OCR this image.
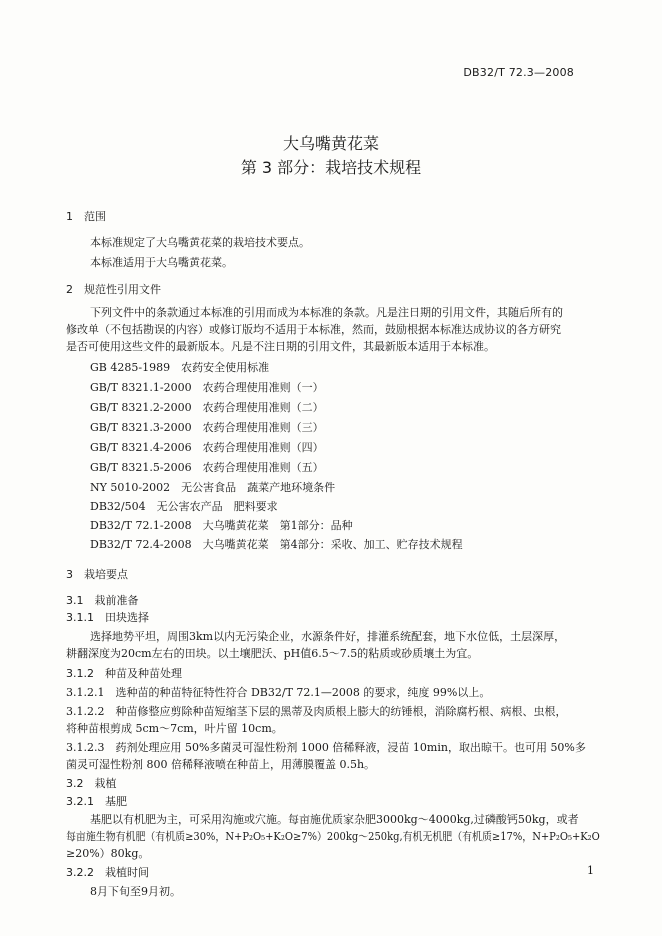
DB32/T 72.3—2008
大乌嘴黄花菜
第 3 部分：栽培技术规程
1　范围
本标准规定了大乌嘴黄花菜的栽培技术要点。
本标准适用于大乌嘴黄花菜。
2　规范性引用文件
下列文件中的条款通过本标准的引用而成为本标准的条款。凡是注日期的引用文件，其随后所有的
修改单（不包括勘误的内容）或修订版均不适用于本标准，然而，鼓励根据本标准达成协议的各方研究
是否可使用这些文件的最新版本。凡是不注日期的引用文件，其最新版本适用于本标准。
GB 4285-1989　农药安全使用标准
GB/T 8321.1-2000　农药合理使用准则（一）
GB/T 8321.2-2000　农药合理使用准则（二）
GB/T 8321.3-2000　农药合理使用准则（三）
GB/T 8321.4-2006　农药合理使用准则（四）
GB/T 8321.5-2006　农药合理使用准则（五）
NY 5010-2002　无公害食品　蔬菜产地环境条件
DB32/504　无公害农产品　肥料要求
DB32/T 72.1-2008　大乌嘴黄花菜　第1部分：品种
DB32/T 72.4-2008　大乌嘴黄花菜　第4部分：采收、加工、贮存技术规程
3　栽培要点
3.1　栽前准备
3.1.1　田块选择
选择地势平坦，周围3km以内无污染企业，水源条件好，排灌系统配套，地下水位低，土层深厚，
耕翻深度为20cm左右的田块。以土壤肥沃、pH值6.5～7.5的粘质或砂质壤土为宜。
3.1.2　种苗及种苗处理
3.1.2.1　选种苗的种苗特征特性符合 DB32/T 72.1—2008 的要求，纯度 99%以上。
3.1.2.2　种苗修整应剪除种苗短缩茎下层的黑蒂及肉质根上膨大的纺锤根，消除腐朽根、病根、虫根，
将种苗根剪成 5cm～7cm，叶片留 10cm。
3.1.2.3　药剂处理应用 50%多菌灵可湿性粉剂 1000 倍稀释液，浸苗 10min，取出晾干。也可用 50%多
菌灵可湿性粉剂 800 倍稀释液喷在种苗上，用薄膜覆盖 0.5h。
3.2　栽植
3.2.1　基肥
基肥以有机肥为主，可采用沟施或穴施。每亩施优质家杂肥3000kg～4000kg,过磷酸钙50kg，或者
每亩施生物有机肥（有机质≥30%，N+P₂O₅+K₂O≥7%）200kg～250kg,有机无机肥（有机质≥17%，N+P₂O₅+K₂O
≥20%）80kg。
3.2.2　栽植时间
8月下旬至9月初。
1
